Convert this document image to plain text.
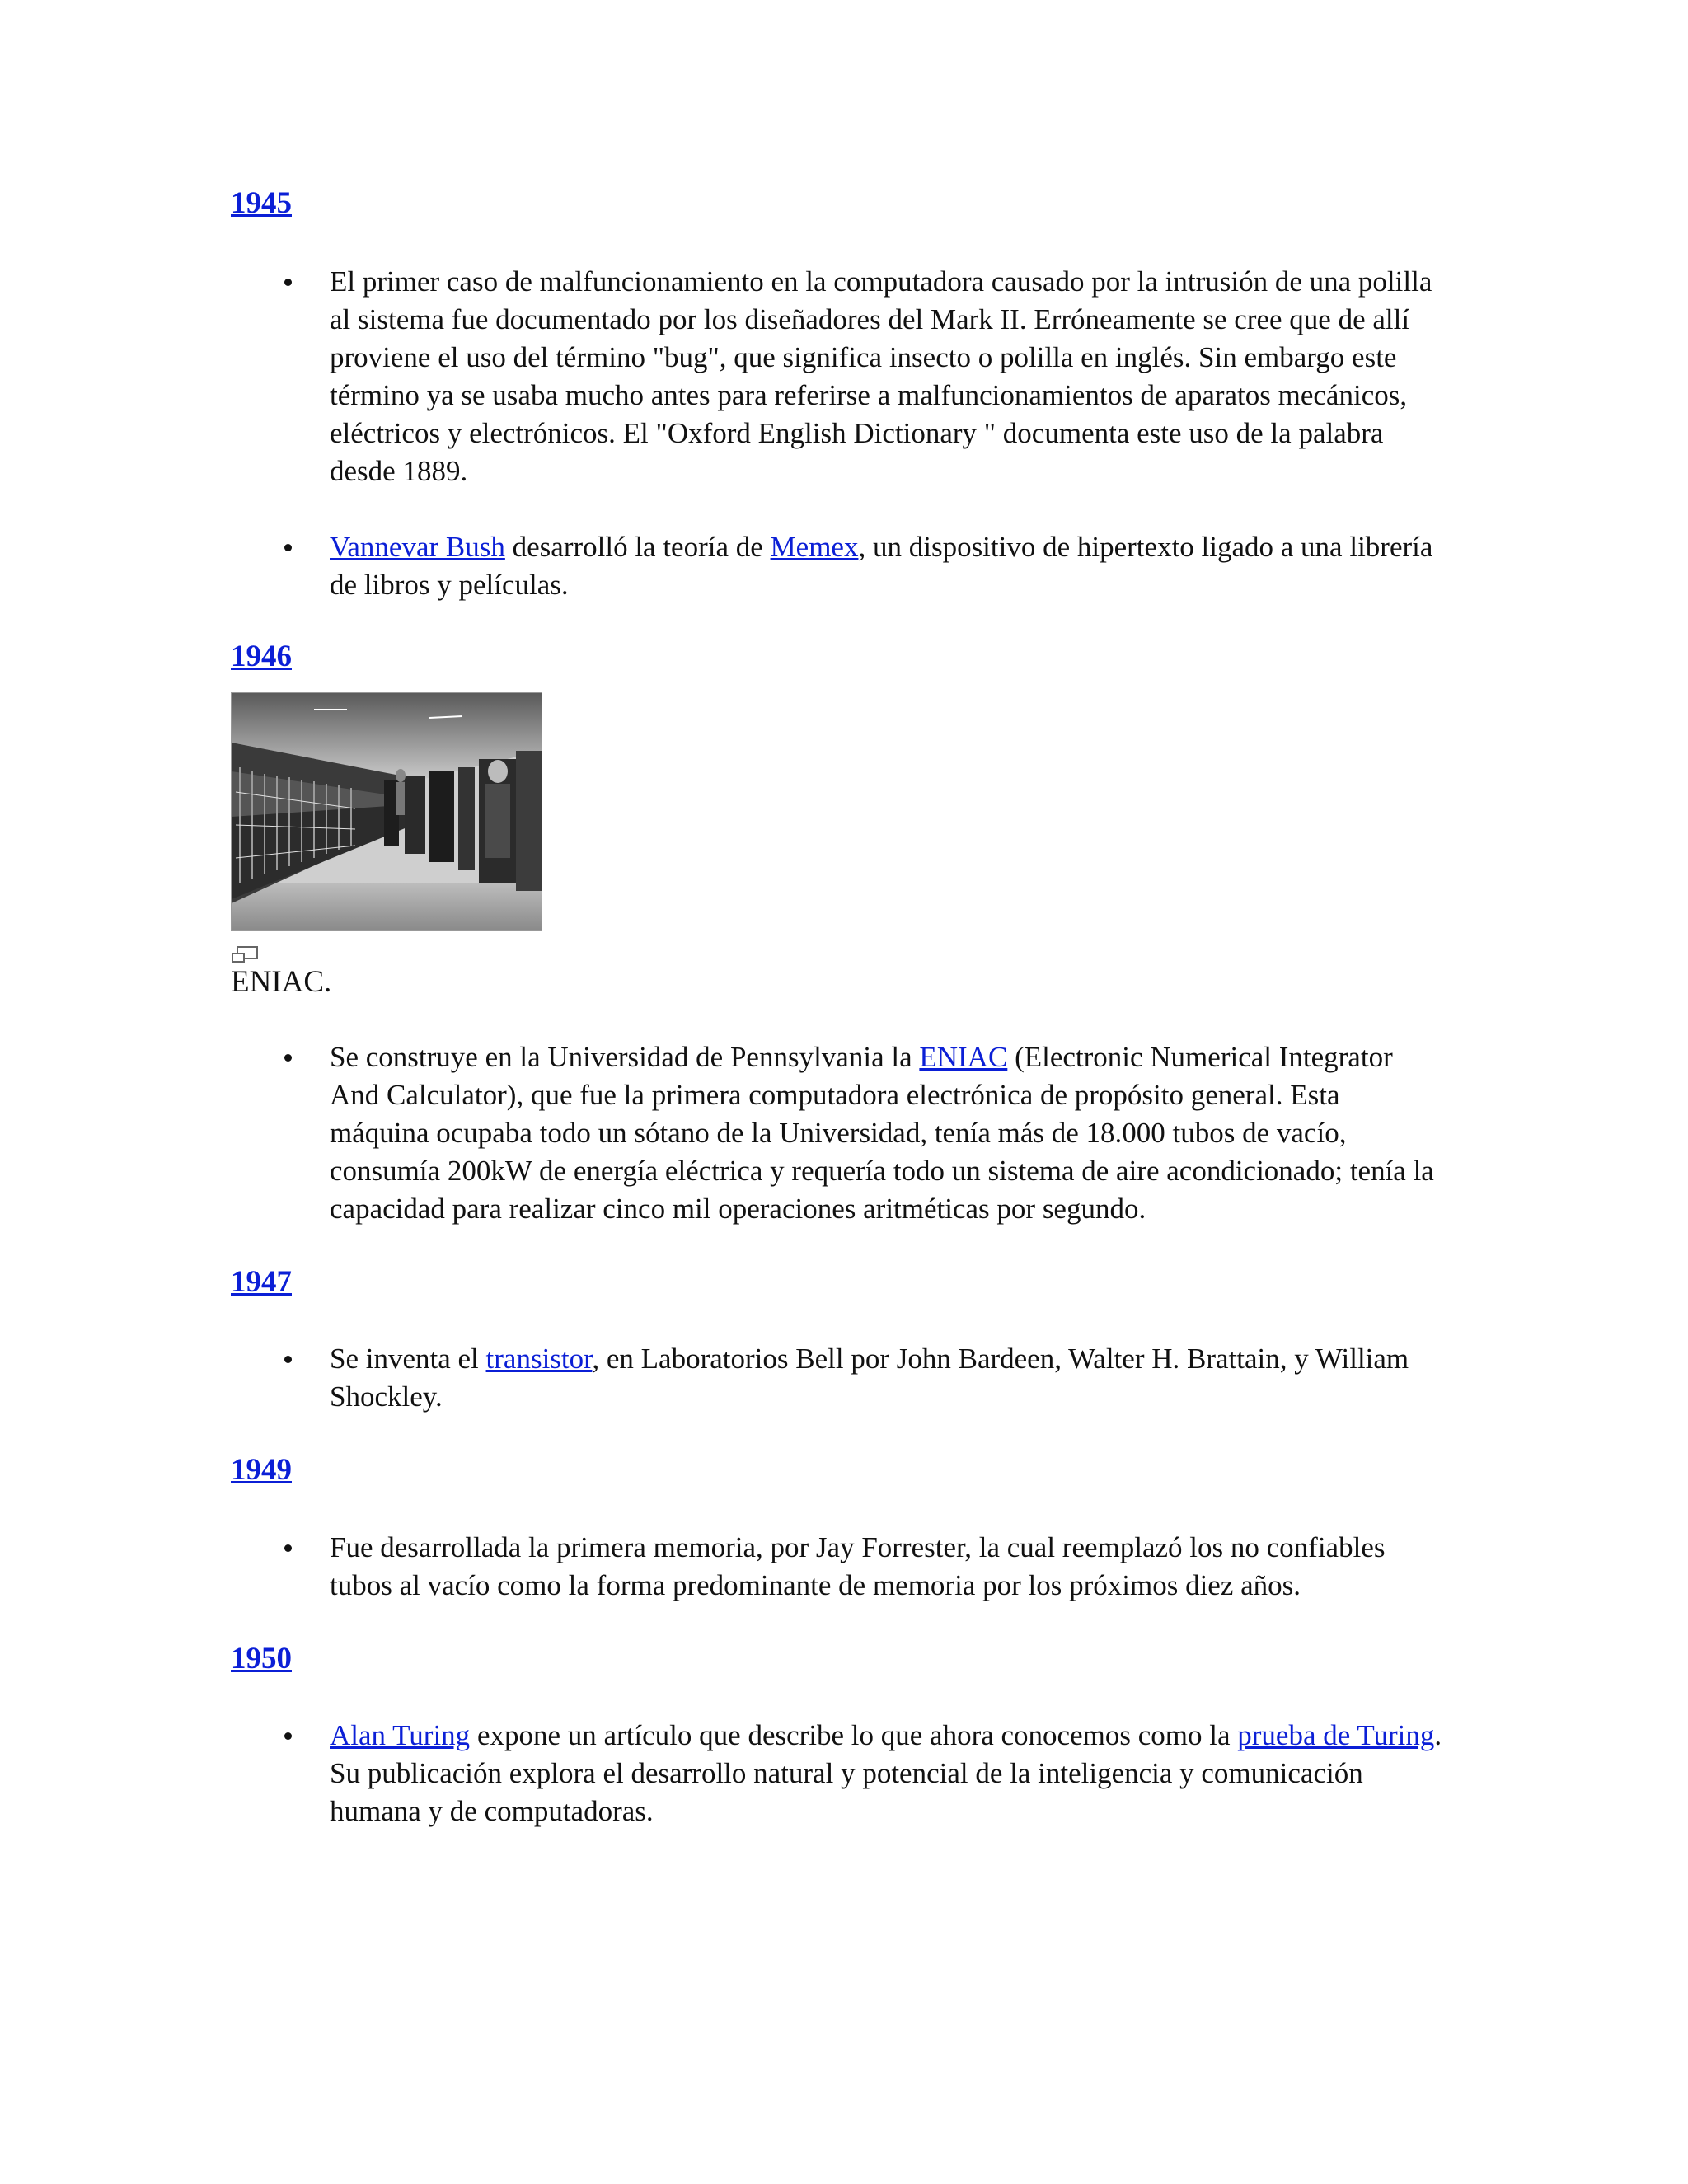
1945
El primer caso de malfuncionamiento en la computadora causado por la intrusión de una polilla al sistema fue documentado por los diseñadores del Mark II. Erróneamente se cree que de allí proviene el uso del término "bug", que significa insecto o polilla en inglés. Sin embargo este término ya se usaba mucho antes para referirse a malfuncionamientos de aparatos mecánicos, eléctricos y electrónicos. El "Oxford English Dictionary " documenta este uso de la palabra desde 1889.
Vannevar Bush desarrolló la teoría de Memex, un dispositivo de hipertexto ligado a una librería de libros y películas.
1946
ENIAC.
Se construye en la Universidad de Pennsylvania la ENIAC (Electronic Numerical Integrator And Calculator), que fue la primera computadora electrónica de propósito general. Esta máquina ocupaba todo un sótano de la Universidad, tenía más de 18.000 tubos de vacío, consumía 200kW de energía eléctrica y requería todo un sistema de aire acondicionado; tenía la capacidad para realizar cinco mil operaciones aritméticas por segundo.
1947
Se inventa el transistor, en Laboratorios Bell por John Bardeen, Walter H. Brattain, y William Shockley.
1949
Fue desarrollada la primera memoria, por Jay Forrester, la cual reemplazó los no confiables tubos al vacío como la forma predominante de memoria por los próximos diez años.
1950
Alan Turing expone un artículo que describe lo que ahora conocemos como la prueba de Turing. Su publicación explora el desarrollo natural y potencial de la inteligencia y comunicación humana y de computadoras.
